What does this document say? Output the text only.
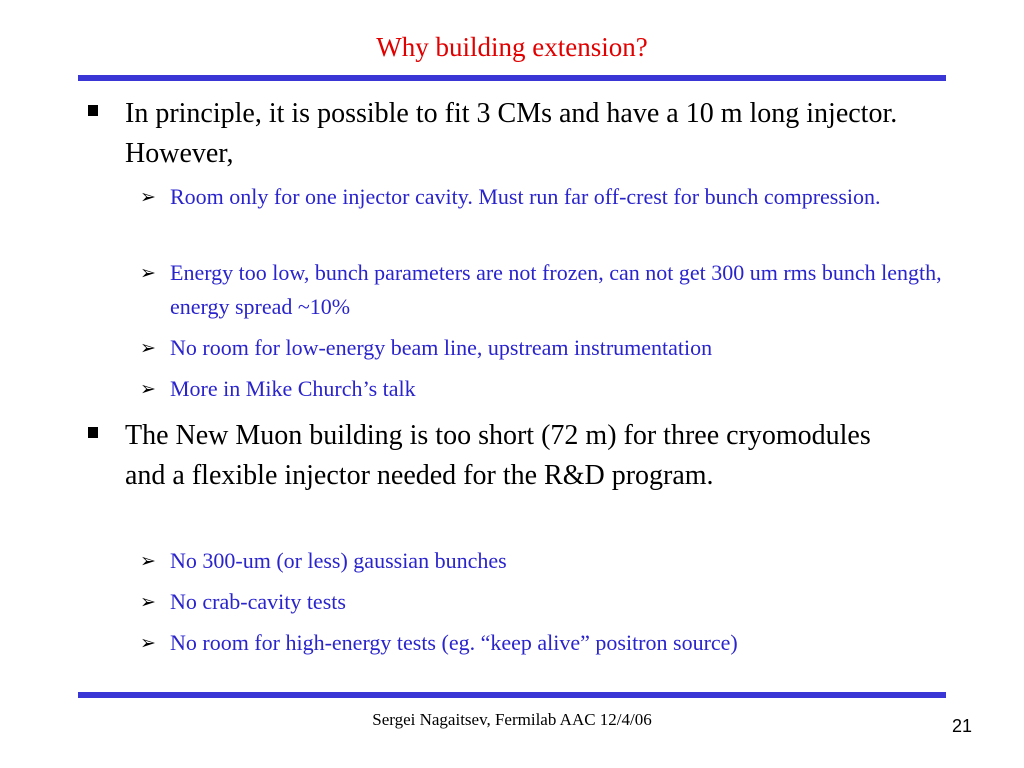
Why building extension?
In principle, it is possible to fit 3 CMs and have a 10 m long injector. However,
➢ Room only for one injector cavity. Must run far off-crest for bunch compression.
➢ Energy too low, bunch parameters are not frozen, can not get 300 um rms bunch length, energy spread ~10%
➢ No room for low-energy beam line, upstream instrumentation
➢ More in Mike Church’s talk
The New Muon building is too short (72 m) for three cryomodules and a flexible injector needed for the R&D program.
➢ No 300-um (or less) gaussian bunches
➢ No crab-cavity tests
➢ No room for high-energy tests (eg. “keep alive” positron source)
Sergei Nagaitsev, Fermilab AAC 12/4/06	21
